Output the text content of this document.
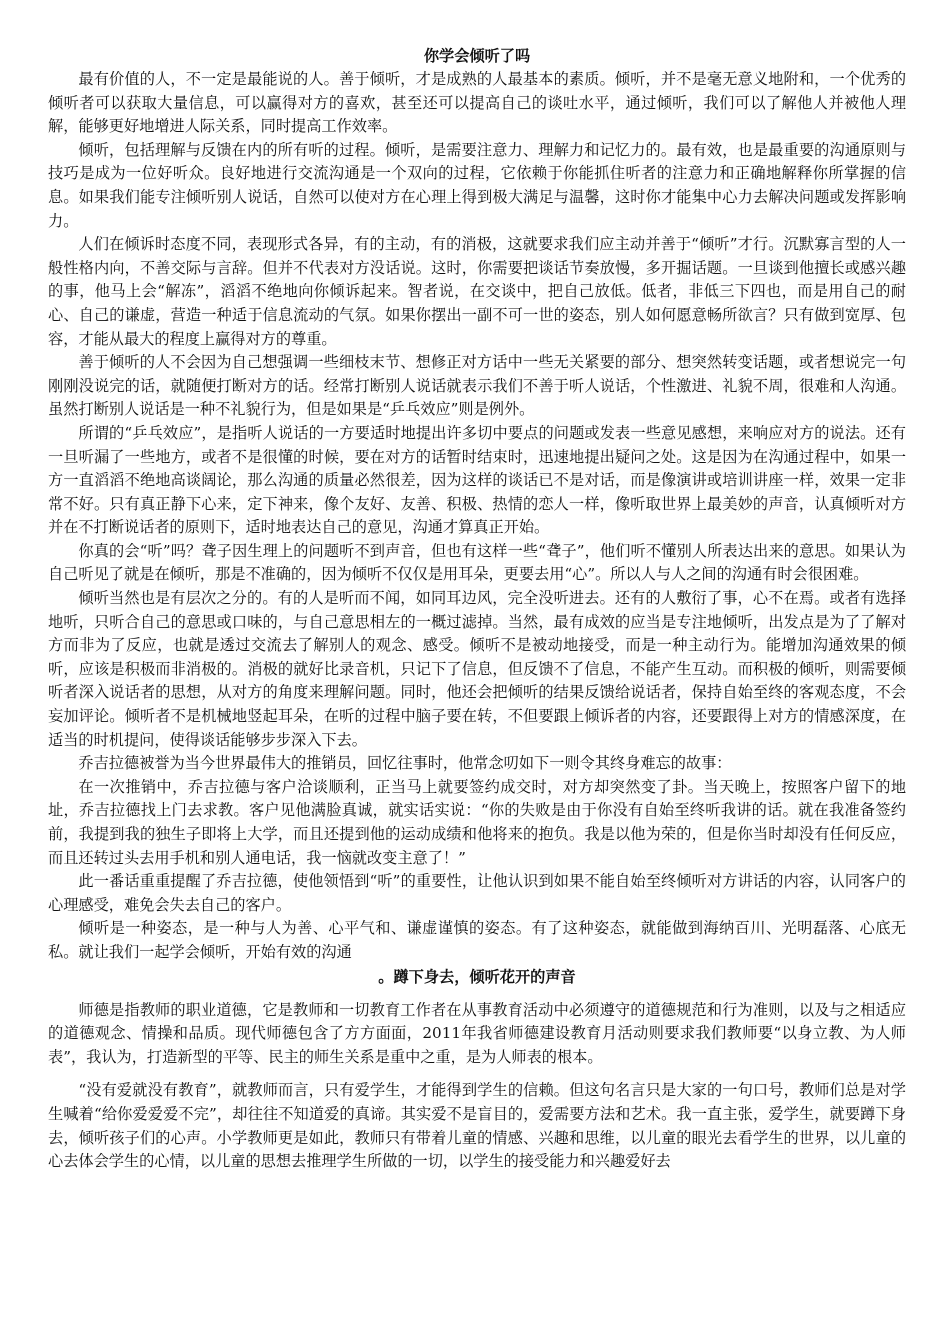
你学会倾听了吗

最有价值的人，不一定是最能说的人。善于倾听，才是成熟的人最基本的素质。倾听，并不是毫无意义地附和，一个优秀的倾听者可以获取大量信息，可以赢得对方的喜欢，甚至还可以提高自己的谈吐水平，通过倾听，我们可以了解他人并被他人理解，能够更好地增进人际关系，同时提高工作效率。

倾听，包括理解与反馈在内的所有听的过程。倾听，是需要注意力、理解力和记忆力的。最有效，也是最重要的沟通原则与技巧是成为一位好听众。良好地进行交流沟通是一个双向的过程，它依赖于你能抓住听者的注意力和正确地解释你所掌握的信息。如果我们能专注倾听别人说话，自然可以使对方在心理上得到极大满足与温馨，这时你才能集中心力去解决问题或发挥影响力。

人们在倾诉时态度不同，表现形式各异，有的主动，有的消极，这就要求我们应主动并善于“倾听”才行。沉默寡言型的人一般性格内向，不善交际与言辞。但并不代表对方没话说。这时，你需要把谈话节奏放慢，多开掘话题。一旦谈到他擅长或感兴趣的事，他马上会“解冻”，滔滔不绝地向你倾诉起来。智者说，在交谈中，把自己放低。低者，非低三下四也，而是用自己的耐心、自己的谦虚，营造一种适于信息流动的气氛。如果你摆出一副不可一世的姿态，别人如何愿意畅所欲言？只有做到宽厚、包容，才能从最大的程度上赢得对方的尊重。

善于倾听的人不会因为自己想强调一些细枝末节、想修正对方话中一些无关紧要的部分、想突然转变话题，或者想说完一句刚刚没说完的话，就随便打断对方的话。经常打断别人说话就表示我们不善于听人说话，个性激进、礼貌不周，很难和人沟通。虽然打断别人说话是一种不礼貌行为，但是如果是“乒乓效应”则是例外。

所谓的“乒乓效应”，是指听人说话的一方要适时地提出许多切中要点的问题或发表一些意见感想，来响应对方的说法。还有一旦听漏了一些地方，或者不是很懂的时候，要在对方的话暂时结束时，迅速地提出疑问之处。这是因为在沟通过程中，如果一方一直滔滔不绝地高谈阔论，那么沟通的质量必然很差，因为这样的谈话已不是对话，而是像演讲或培训讲座一样，效果一定非常不好。只有真正静下心来，定下神来，像个友好、友善、积极、热情的恋人一样，像听取世界上最美妙的声音，认真倾听对方并在不打断说话者的原则下，适时地表达自己的意见，沟通才算真正开始。

你真的会“听”吗？聋子因生理上的问题听不到声音，但也有这样一些“聋子”，他们听不懂别人所表达出来的意思。如果认为自己听见了就是在倾听，那是不准确的，因为倾听不仅仅是用耳朵，更要去用“心”。所以人与人之间的沟通有时会很困难。

倾听当然也是有层次之分的。有的人是听而不闻，如同耳边风，完全没听进去。还有的人敷衍了事，心不在焉。或者有选择地听，只听合自己的意思或口味的，与自己意思相左的一概过滤掉。当然，最有成效的应当是专注地倾听，出发点是为了了解对方而非为了反应，也就是透过交流去了解别人的观念、感受。倾听不是被动地接受，而是一种主动行为。能增加沟通效果的倾听，应该是积极而非消极的。消极的就好比录音机，只记下了信息，但反馈不了信息，不能产生互动。而积极的倾听，则需要倾听者深入说话者的思想，从对方的角度来理解问题。同时，他还会把倾听的结果反馈给说话者，保持自始至终的客观态度，不会妄加评论。倾听者不是机械地竖起耳朵，在听的过程中脑子要在转，不但要跟上倾诉者的内容，还要跟得上对方的情感深度，在适当的时机提问，使得谈话能够步步深入下去。

乔吉拉德被誉为当今世界最伟大的推销员，回忆往事时，他常念叨如下一则令其终身难忘的故事：

在一次推销中，乔吉拉德与客户洽谈顺利，正当马上就要签约成交时，对方却突然变了卦。当天晚上，按照客户留下的地址，乔吉拉德找上门去求教。客户见他满脸真诚，就实话实说：“你的失败是由于你没有自始至终听我讲的话。就在我准备签约前，我提到我的独生子即将上大学，而且还提到他的运动成绩和他将来的抱负。我是以他为荣的，但是你当时却没有任何反应，而且还转过头去用手机和别人通电话，我一恼就改变主意了！”

此一番话重重提醒了乔吉拉德，使他领悟到“听”的重要性，让他认识到如果不能自始至终倾听对方讲话的内容，认同客户的心理感受，难免会失去自己的客户。

倾听是一种姿态，是一种与人为善、心平气和、谦虚谨慎的姿态。有了这种姿态，就能做到海纳百川、光明磊落、心底无私。就让我们一起学会倾听，开始有效的沟通

。蹲下身去，倾听花开的声音

师德是指教师的职业道德，它是教师和一切教育工作者在从事教育活动中必须遵守的道德规范和行为准则，以及与之相适应的道德观念、情操和品质。现代师德包含了方方面面，2011年我省师德建设教育月活动则要求我们教师要“以身立教、为人师表”，我认为，打造新型的平等、民主的师生关系是重中之重，是为人师表的根本。

“没有爱就没有教育”，就教师而言，只有爱学生，才能得到学生的信赖。但这句名言只是大家的一句口号，教师们总是对学生喊着“给你爱爱爱不完”，却往往不知道爱的真谛。其实爱不是盲目的，爱需要方法和艺术。我一直主张，爱学生，就要蹲下身去，倾听孩子们的心声。小学教师更是如此，教师只有带着儿童的情感、兴趣和思维，以儿童的眼光去看学生的世界，以儿童的心去体会学生的心情，以儿童的思想去推理学生所做的一切，以学生的接受能力和兴趣爱好去
